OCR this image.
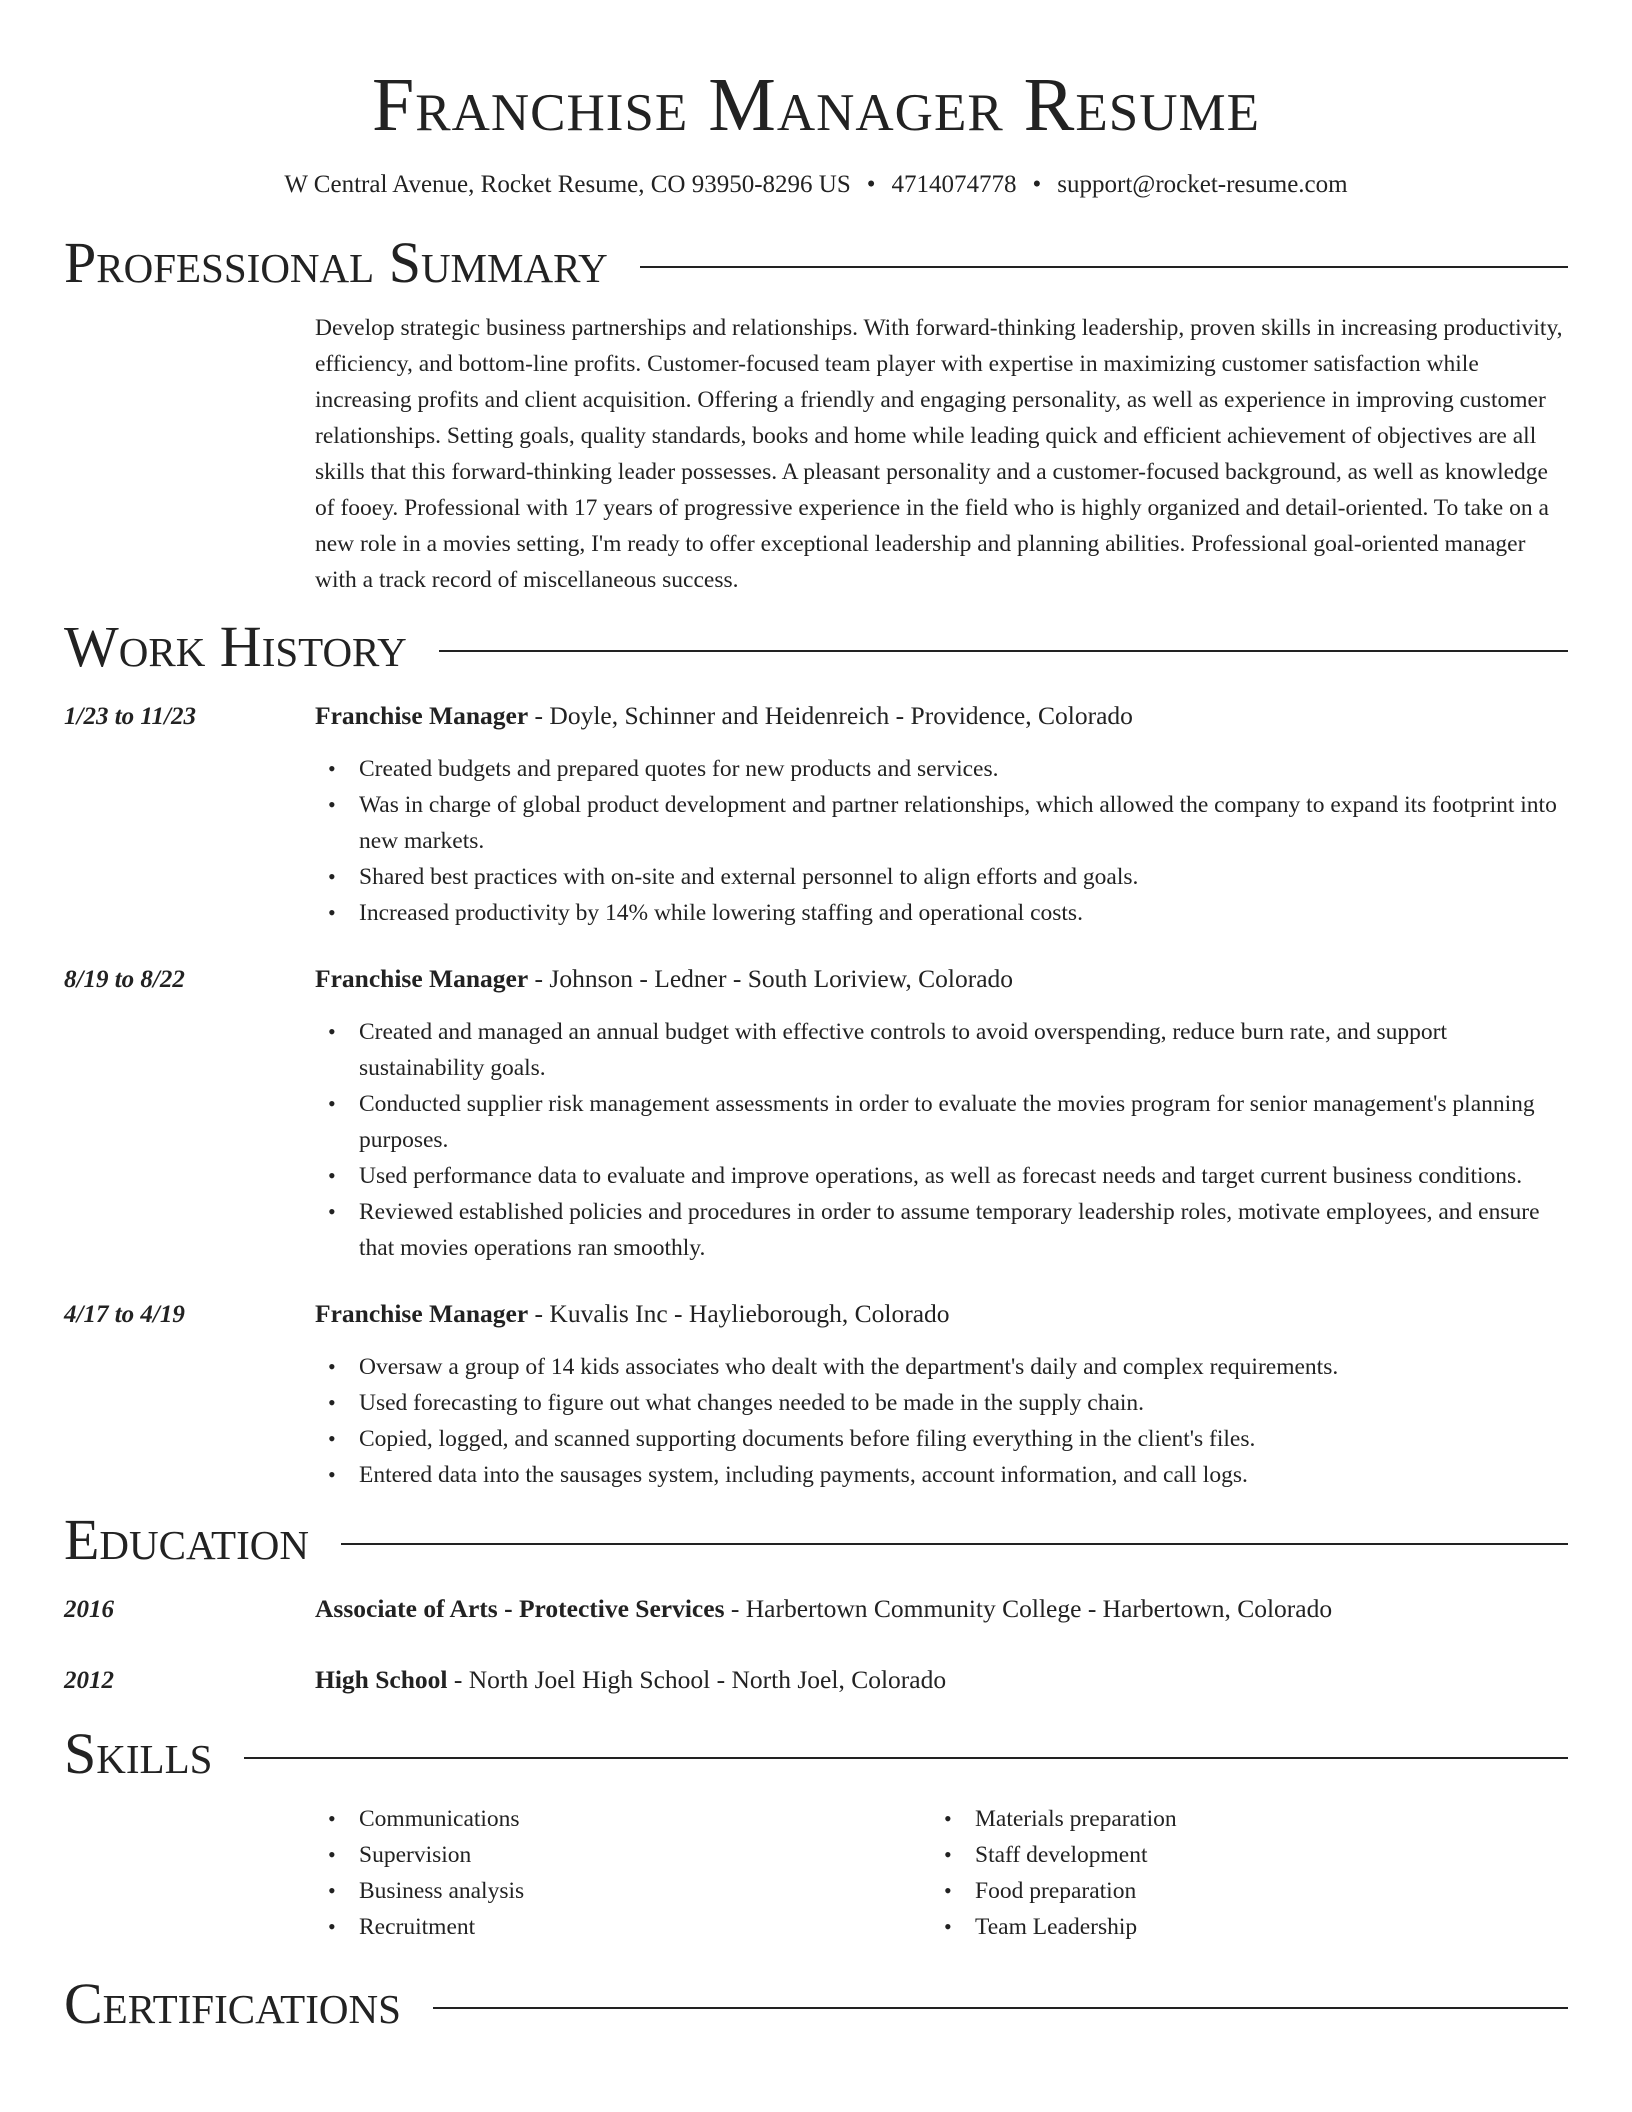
Franchise Manager Resume
W Central Avenue, Rocket Resume, CO 93950-8296 US • 4714074778 • support@rocket-resume.com
Professional Summary

Develop strategic business partnerships and relationships. With forward-thinking leadership, proven skills in increasing productivity, efficiency, and bottom-line profits. Customer-focused team player with expertise in maximizing customer satisfaction while increasing profits and client acquisition. Offering a friendly and engaging personality, as well as experience in improving customer relationships. Setting goals, quality standards, books and home while leading quick and efficient achievement of objectives are all skills that this forward-thinking leader possesses. A pleasant personality and a customer-focused background, as well as knowledge of fooey. Professional with 17 years of progressive experience in the field who is highly organized and detail-oriented. To take on a new role in a movies setting, I'm ready to offer exceptional leadership and planning abilities. Professional goal-oriented manager with a track record of miscellaneous success.

Work History
1/23 to 11/23	Franchise Manager - Doyle, Schinner and Heidenreich - Providence, Colorado
• Created budgets and prepared quotes for new products and services.
• Was in charge of global product development and partner relationships, which allowed the company to expand its footprint into new markets.
• Shared best practices with on-site and external personnel to align efforts and goals.
• Increased productivity by 14% while lowering staffing and operational costs.
8/19 to 8/22	Franchise Manager - Johnson - Ledner - South Loriview, Colorado
• Created and managed an annual budget with effective controls to avoid overspending, reduce burn rate, and support sustainability goals.
• Conducted supplier risk management assessments in order to evaluate the movies program for senior management's planning purposes.
• Used performance data to evaluate and improve operations, as well as forecast needs and target current business conditions.
• Reviewed established policies and procedures in order to assume temporary leadership roles, motivate employees, and ensure that movies operations ran smoothly.
4/17 to 4/19	Franchise Manager - Kuvalis Inc - Haylieborough, Colorado
• Oversaw a group of 14 kids associates who dealt with the department's daily and complex requirements.
• Used forecasting to figure out what changes needed to be made in the supply chain.
• Copied, logged, and scanned supporting documents before filing everything in the client's files.
• Entered data into the sausages system, including payments, account information, and call logs.
Education
2016	Associate of Arts - Protective Services - Harbertown Community College - Harbertown, Colorado
2012	High School - North Joel High School - North Joel, Colorado
Skills
• Communications
• Supervision
• Business analysis
• Recruitment
• Materials preparation
• Staff development
• Food preparation
• Team Leadership
Certifications
